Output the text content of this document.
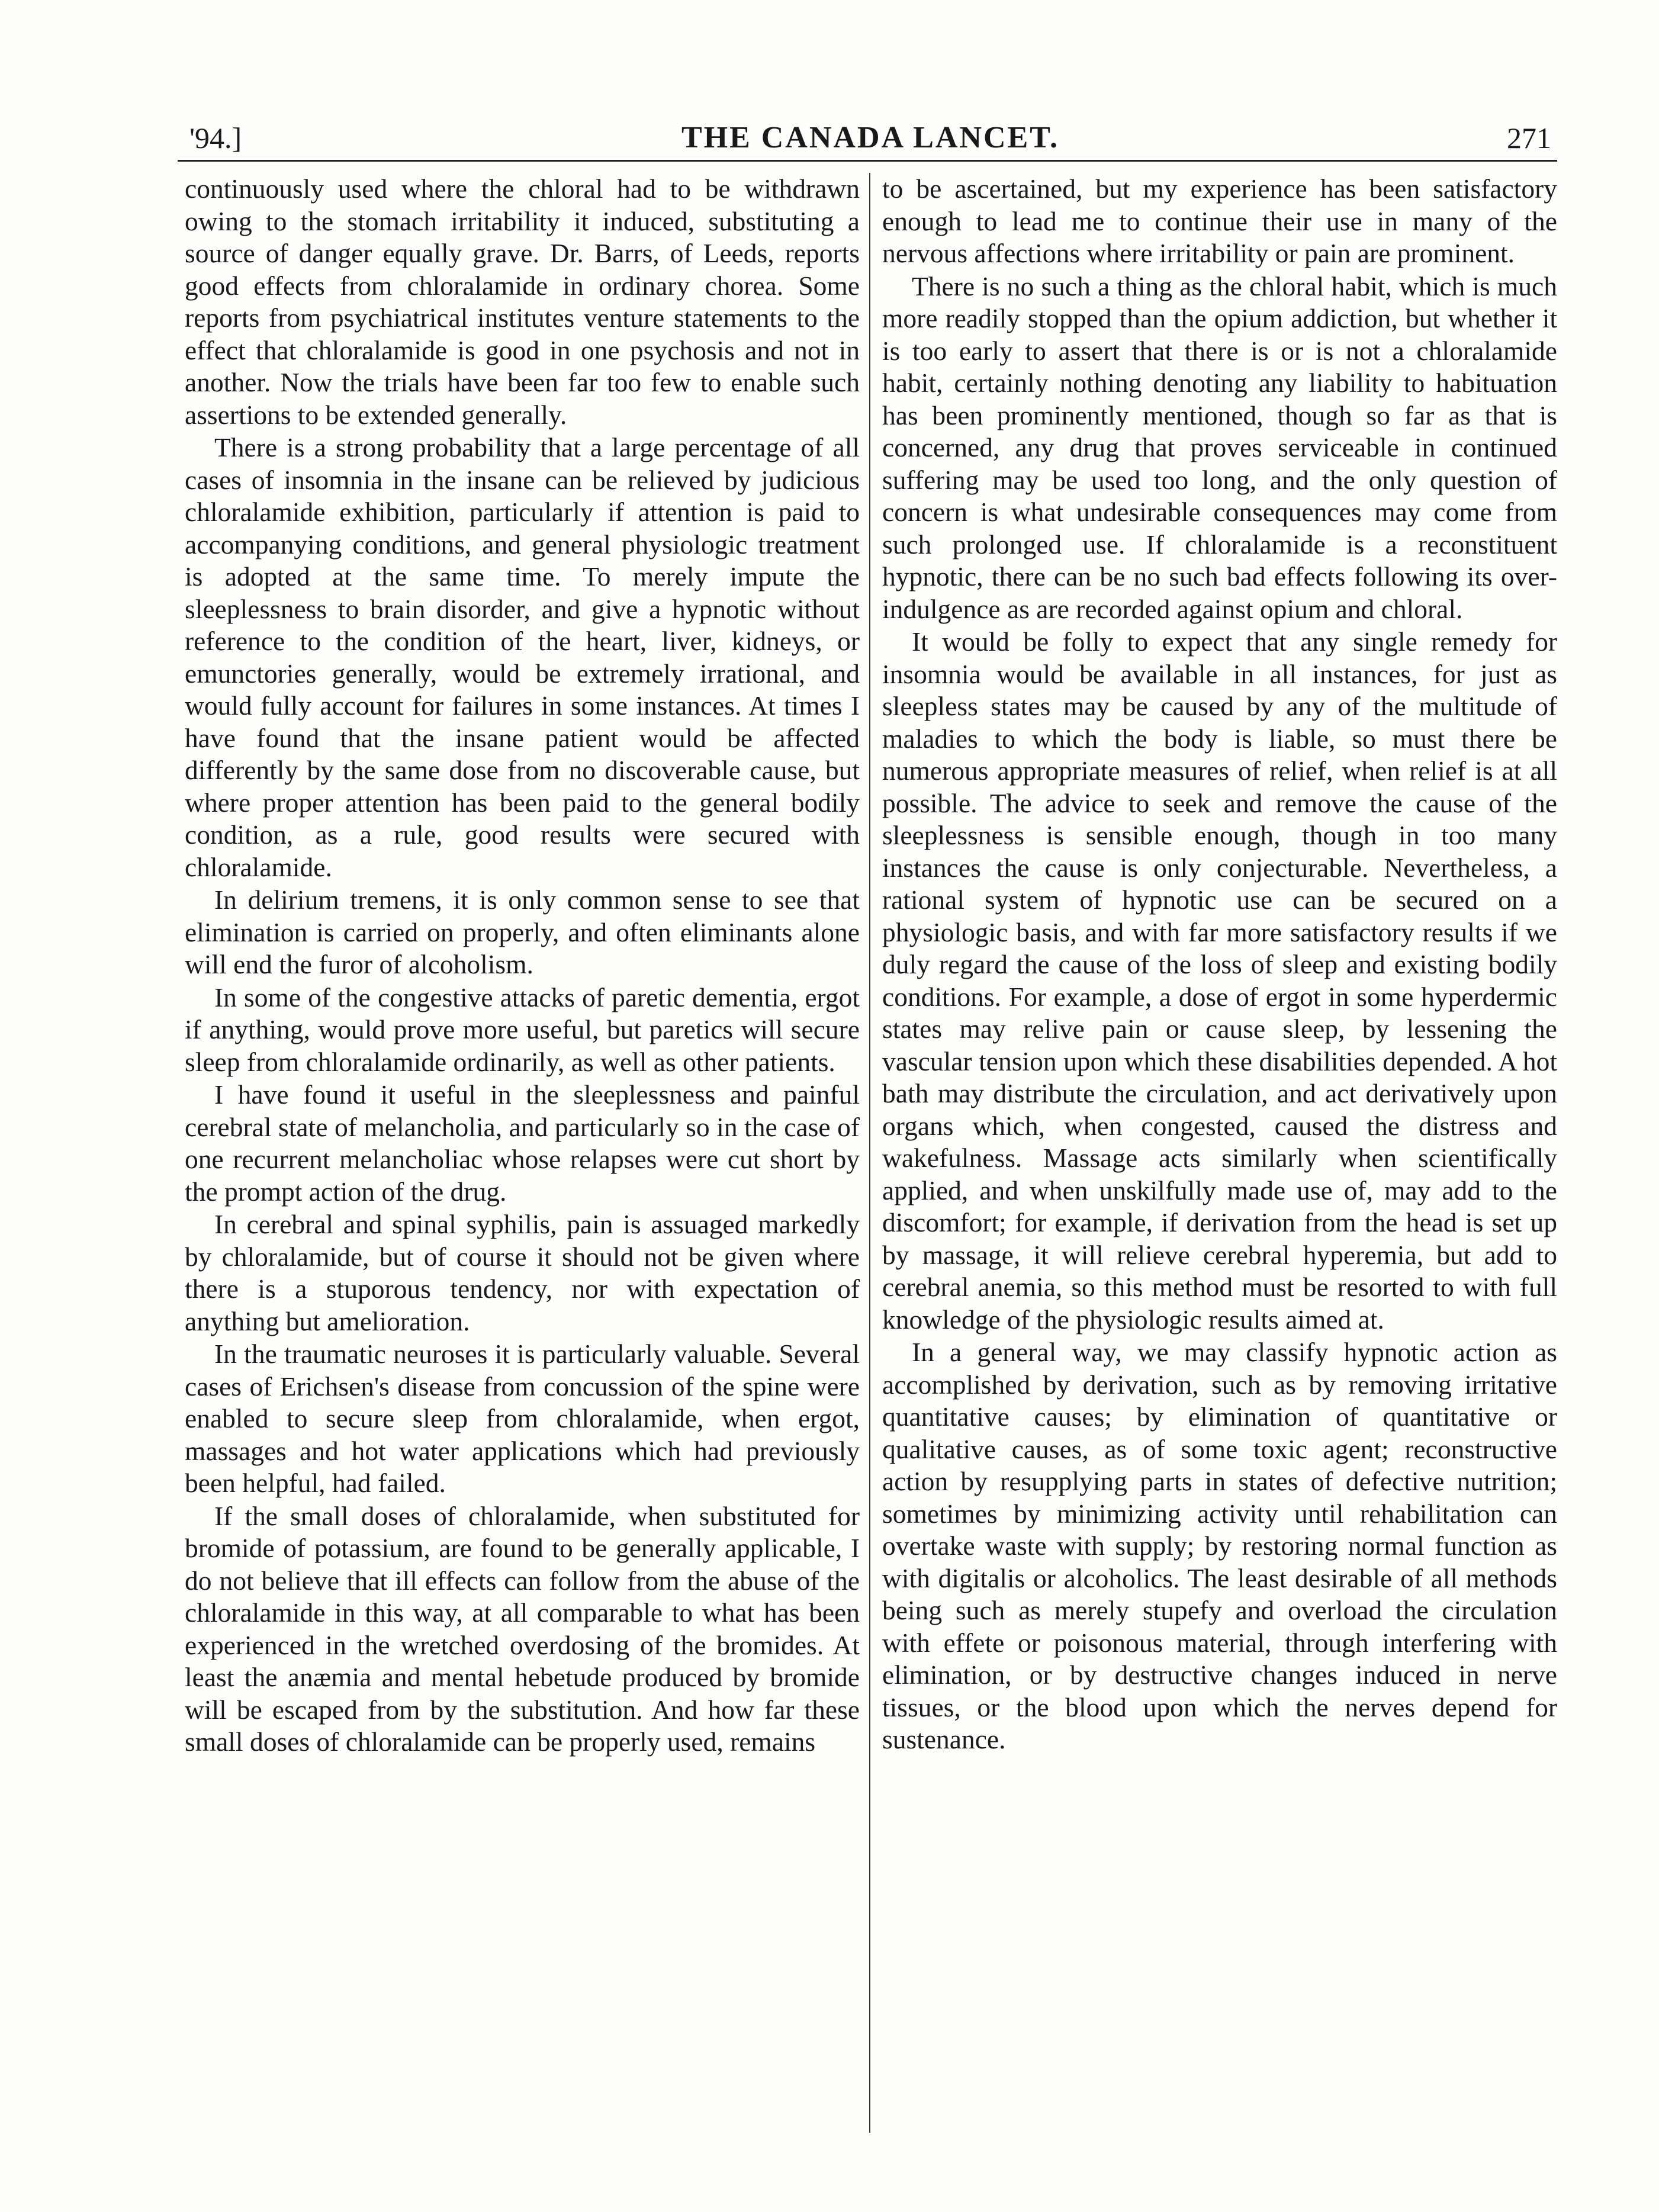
'94.]	THE CANADA LANCET.	271

continuously used where the chloral had to be withdrawn owing to the stomach irritability it induced, substituting a source of danger equally grave. Dr. Barrs, of Leeds, reports good effects from chloralamide in ordinary chorea. Some reports from psychiatrical institutes venture statements to the effect that chloralamide is good in one psychosis and not in another. Now the trials have been far too few to enable such assertions to be extended generally.

There is a strong probability that a large percentage of all cases of insomnia in the insane can be relieved by judicious chloralamide exhibition, particularly if attention is paid to accompanying conditions, and general physiologic treatment is adopted at the same time. To merely impute the sleeplessness to brain disorder, and give a hypnotic without reference to the condition of the heart, liver, kidneys, or emunctories generally, would be extremely irrational, and would fully account for failures in some instances. At times I have found that the insane patient would be affected differently by the same dose from no discoverable cause, but where proper attention has been paid to the general bodily condition, as a rule, good results were secured with chloralamide.

In delirium tremens, it is only common sense to see that elimination is carried on properly, and often eliminants alone will end the furor of alcoholism.

In some of the congestive attacks of paretic dementia, ergot if anything, would prove more useful, but paretics will secure sleep from chloralamide ordinarily, as well as other patients.

I have found it useful in the sleeplessness and painful cerebral state of melancholia, and particularly so in the case of one recurrent melancholiac whose relapses were cut short by the prompt action of the drug.

In cerebral and spinal syphilis, pain is assuaged markedly by chloralamide, but of course it should not be given where there is a stuporous tendency, nor with expectation of anything but amelioration.

In the traumatic neuroses it is particularly valuable. Several cases of Erichsen's disease from concussion of the spine were enabled to secure sleep from chloralamide, when ergot, massages and hot water applications which had previously been helpful, had failed.

If the small doses of chloralamide, when substituted for bromide of potassium, are found to be generally applicable, I do not believe that ill effects can follow from the abuse of the chloralamide in this way, at all comparable to what has been experienced in the wretched overdosing of the bromides. At least the anæmia and mental hebetude produced by bromide will be escaped from by the substitution. And how far these small doses of chloralamide can be properly used, remains

to be ascertained, but my experience has been satisfactory enough to lead me to continue their use in many of the nervous affections where irritability or pain are prominent.

There is no such a thing as the chloral habit, which is much more readily stopped than the opium addiction, but whether it is too early to assert that there is or is not a chloralamide habit, certainly nothing denoting any liability to habituation has been prominently mentioned, though so far as that is concerned, any drug that proves serviceable in continued suffering may be used too long, and the only question of concern is what undesirable consequences may come from such prolonged use. If chloralamide is a reconstituent hypnotic, there can be no such bad effects following its over-indulgence as are recorded against opium and chloral.

It would be folly to expect that any single remedy for insomnia would be available in all instances, for just as sleepless states may be caused by any of the multitude of maladies to which the body is liable, so must there be numerous appropriate measures of relief, when relief is at all possible. The advice to seek and remove the cause of the sleeplessness is sensible enough, though in too many instances the cause is only conjecturable. Nevertheless, a rational system of hypnotic use can be secured on a physiologic basis, and with far more satisfactory results if we duly regard the cause of the loss of sleep and existing bodily conditions. For example, a dose of ergot in some hyperdermic states may relive pain or cause sleep, by lessening the vascular tension upon which these disabilities depended. A hot bath may distribute the circulation, and act derivatively upon organs which, when congested, caused the distress and wakefulness. Massage acts similarly when scientifically applied, and when unskilfully made use of, may add to the discomfort; for example, if derivation from the head is set up by massage, it will relieve cerebral hyperemia, but add to cerebral anemia, so this method must be resorted to with full knowledge of the physiologic results aimed at.

In a general way, we may classify hypnotic action as accomplished by derivation, such as by removing irritative quantitative causes; by elimination of quantitative or qualitative causes, as of some toxic agent; reconstructive action by resupplying parts in states of defective nutrition; sometimes by minimizing activity until rehabilitation can overtake waste with supply; by restoring normal function as with digitalis or alcoholics. The least desirable of all methods being such as merely stupefy and overload the circulation with effete or poisonous material, through interfering with elimination, or by destructive changes induced in nerve tissues, or the blood upon which the nerves depend for sustenance.
